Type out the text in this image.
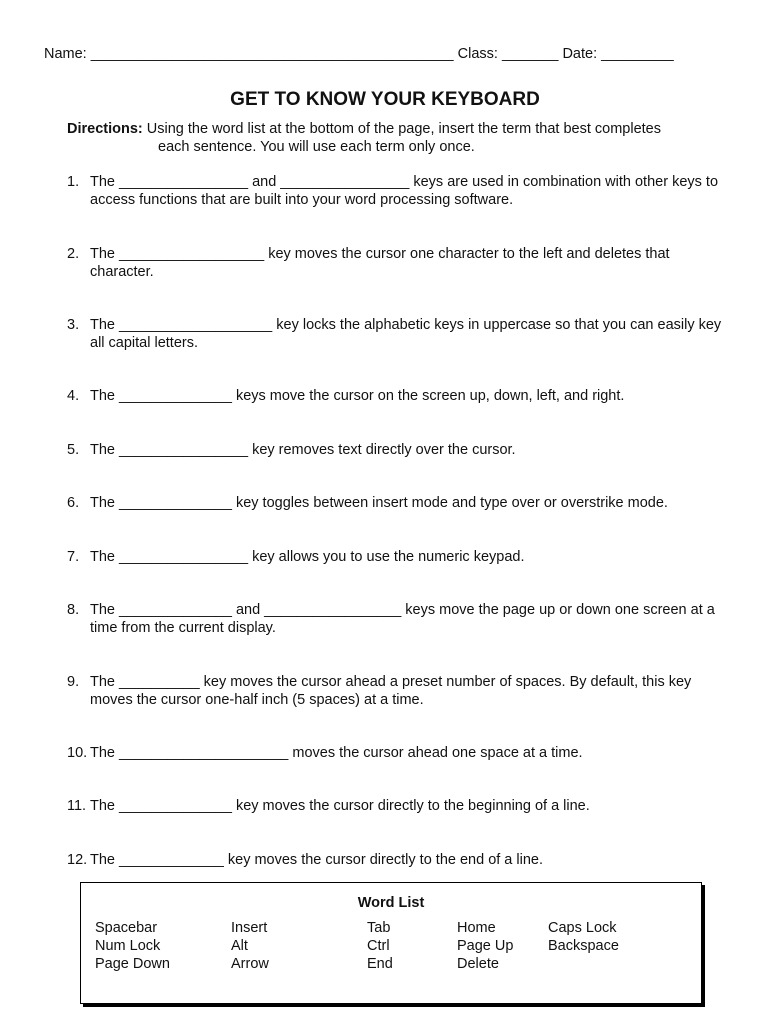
Name: _____________________________________________ Class: _______ Date: _________
GET TO KNOW YOUR KEYBOARD
Directions: Using the word list at the bottom of the page, insert the term that best completes
each sentence. You will use each term only once.
1. The ________________ and ________________ keys are used in combination with other keys to access functions that are built into your word processing software.
2. The __________________ key moves the cursor one character to the left and deletes that character.
3. The ___________________ key locks the alphabetic keys in uppercase so that you can easily key all capital letters.
4. The ______________ keys move the cursor on the screen up, down, left, and right.
5. The ________________ key removes text directly over the cursor.
6. The ______________ key toggles between insert mode and type over or overstrike mode.
7. The ________________ key allows you to use the numeric keypad.
8. The ______________ and _________________ keys move the page up or down one screen at a time from the current display.
9. The __________ key moves the cursor ahead a preset number of spaces. By default, this key moves the cursor one-half inch (5 spaces) at a time.
10. The _____________________ moves the cursor ahead one space at a time.
11. The ______________ key moves the cursor directly to the beginning of a line.
12. The _____________ key moves the cursor directly to the end of a line.
Word List
Spacebar
Num Lock
Page Down
Insert
Alt
Arrow
Tab
Ctrl
End
Home
Page Up
Delete
Caps Lock
Backspace
